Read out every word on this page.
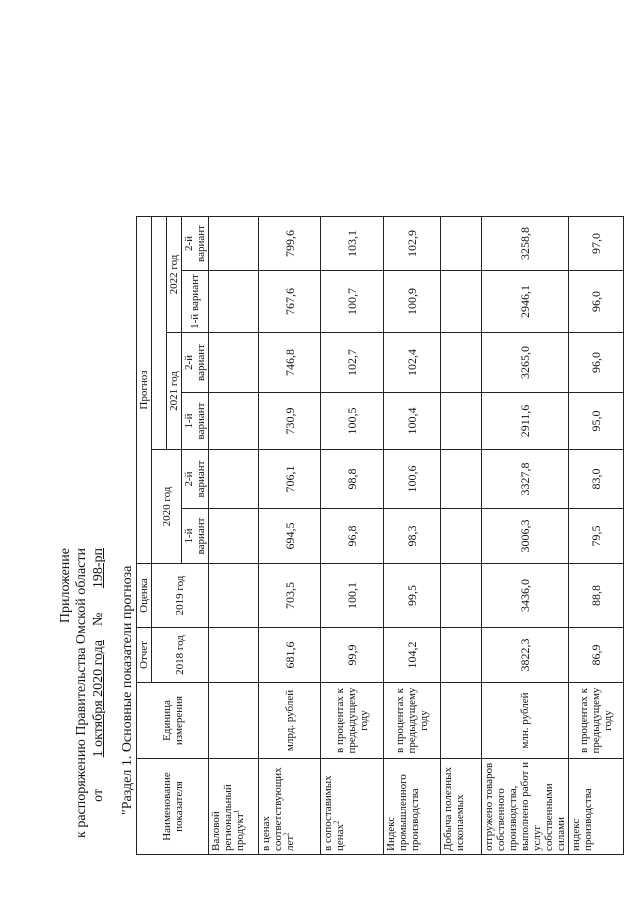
Приложение к распоряжению Правительства Омской области от         1 октября 2020 года    №       198-рп "Раздел 1. Основные показатели прогноза Наименование показателя	Единица измерения	Отчет	Оценка	Прогноз					
		2018 год	2019 год	2020 год					
						2021 год		2022 год	
				1-й вариант	2-й вариант	1-й вариант	2-й вариант	1-й вариант	2-й вариант
Валовой региональный продукт$^1$									
в ценах соответствующих лет$^2$	млрд. рублей	681,6	703,5	694,5	706,1	730,9	746,8	767,6	799,6
в сопоставимых ценах$^2$	в процентах к предыдущему году	99,9	100,1	96,8	98,8	100,5	102,7	100,7	103,1
Индекс промышленного производства	в процентах к предыдущему году	104,2	99,5	98,3	100,6	100,4	102,4	100,9	102,9
Добыча полезных ископаемых									
отгружено товаров собственного производства, выполнено работ и услуг собственными силами	млн. рублей	3822,3	3436,0	3006,3	3327,8	2911,6	3265,0	2946,1	3258,8
индекс производства	в процентах к предыдущему году	86,9	88,8	79,5	83,0	95,0	96,0	96,0	97,0
